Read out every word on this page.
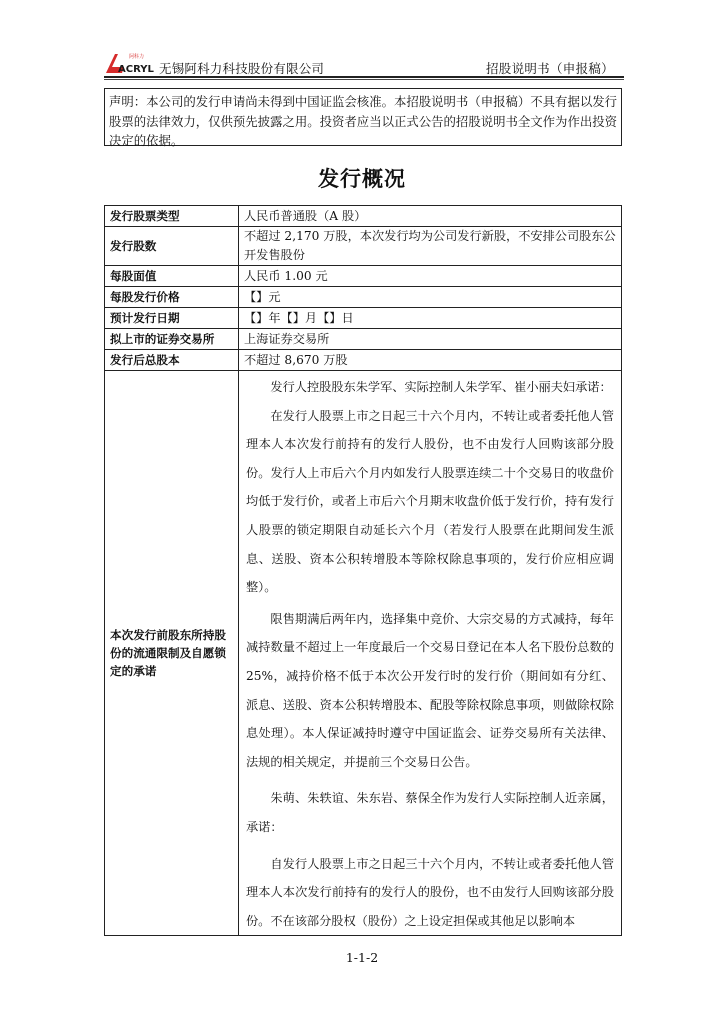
阿科力
ACRYL 无锡阿科力科技股份有限公司	招股说明书（申报稿）
声明：本公司的发行申请尚未得到中国证监会核准。本招股说明书（申报稿）不具有据以发行股票的法律效力，仅供预先披露之用。投资者应当以正式公告的招股说明书全文作为作出投资决定的依据。
发行概况
发行股票类型	人民币普通股（A 股）
发行股数	不超过 2,170 万股，本次发行均为公司发行新股，不安排公司股东公开发售股份
每股面值	人民币 1.00 元
每股发行价格	【】元
预计发行日期	【】年【】月【】日
拟上市的证券交易所	上海证券交易所
发行后总股本	不超过 8,670 万股
本次发行前股东所持股份的流通限制及自愿锁定的承诺	发行人控股股东朱学军、实际控制人朱学军、崔小丽夫妇承诺：

在发行人股票上市之日起三十六个月内，不转让或者委托他人管理本人本次发行前持有的发行人股份，也不由发行人回购该部分股份。发行人上市后六个月内如发行人股票连续二十个交易日的收盘价均低于发行价，或者上市后六个月期末收盘价低于发行价，持有发行人股票的锁定期限自动延长六个月（若发行人股票在此期间发生派息、送股、资本公积转增股本等除权除息事项的，发行价应相应调整）。

限售期满后两年内，选择集中竞价、大宗交易的方式减持，每年减持数量不超过上一年度最后一个交易日登记在本人名下股份总数的 25%，减持价格不低于本次公开发行时的发行价（期间如有分红、派息、送股、资本公积转增股本、配股等除权除息事项，则做除权除息处理）。本人保证减持时遵守中国证监会、证券交易所有关法律、法规的相关规定，并提前三个交易日公告。

朱萌、朱轶谊、朱东岩、蔡保全作为发行人实际控制人近亲属，承诺：

自发行人股票上市之日起三十六个月内，不转让或者委托他人管理本人本次发行前持有的发行人的股份，也不由发行人回购该部分股份。不在该部分股权（股份）之上设定担保或其他足以影响本

1-1-2
